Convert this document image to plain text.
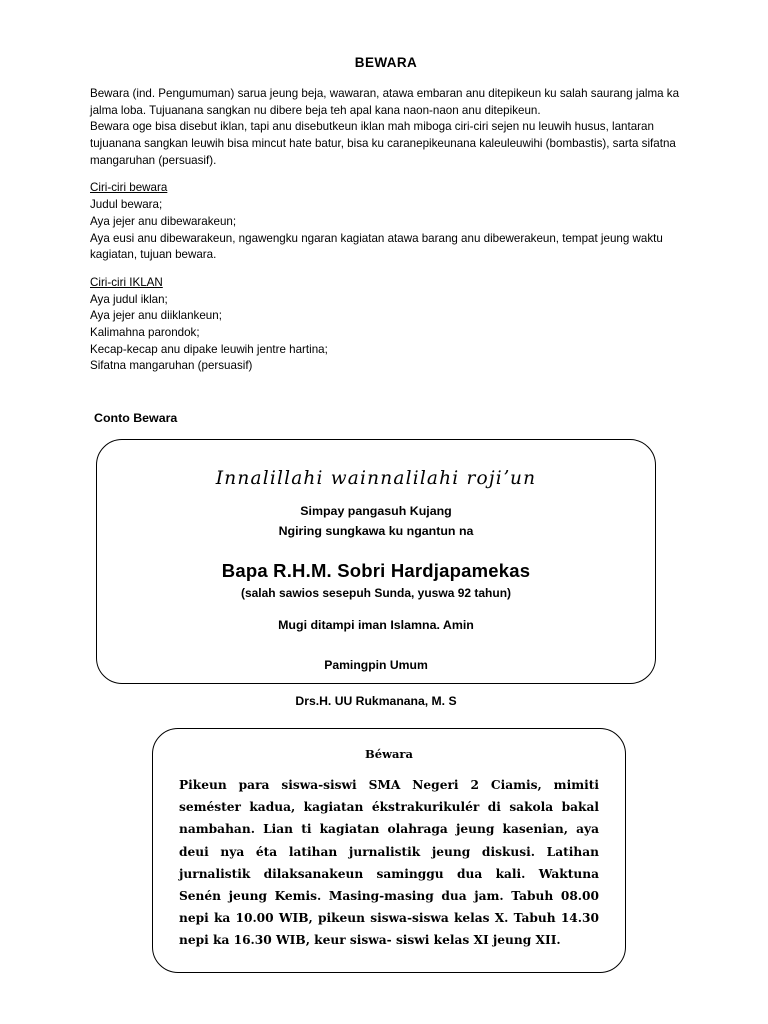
BEWARA

Bewara (ind. Pengumuman) sarua jeung beja, wawaran, atawa embaran anu ditepikeun ku salah saurang jalma ka jalma loba. Tujuanana sangkan nu dibere beja teh apal kana naon-naon anu ditepikeun.

Bewara oge bisa disebut iklan, tapi anu disebutkeun iklan mah miboga ciri-ciri sejen nu leuwih husus, lantaran tujuanana sangkan leuwih bisa mincut hate batur, bisa ku caranepikeunana kaleuleuwihi (bombastis), sarta sifatna mangaruhan (persuasif).

Ciri-ciri bewara

Judul bewara;

Aya jejer anu dibewarakeun;

Aya eusi anu dibewarakeun, ngawengku ngaran kagiatan atawa barang anu dibewerakeun, tempat jeung waktu kagiatan, tujuan bewara.

Ciri-ciri IKLAN

Aya judul iklan;

Aya jejer anu diiklankeun;

Kalimahna parondok;

Kecap-kecap anu dipake leuwih jentre hartina;

Sifatna mangaruhan (persuasif)

Conto Bewara

Innalillahi wainnalilahi rojiʼun
Simpay pangasuh Kujang
Ngiring sungkawa ku ngantun na
Bapa R.H.M. Sobri Hardjapamekas
(salah sawios sesepuh Sunda, yuswa 92 tahun)
Mugi ditampi iman Islamna. Amin
Pamingpin Umum
Drs.H. UU Rukmanana, M. S
Béwara
Pikeun para siswa-siswi SMA Negeri 2 Ciamis, mimiti seméster kadua, kagiatan ékstrakurikulér di sakola bakal nambahan. Lian ti kagiatan olahraga jeung kasenian, aya deui nya éta latihan jurnalistik jeung diskusi. Latihan jurnalistik dilaksanakeun saminggu dua kali. Waktuna Senén jeung Kemis. Masing-masing dua jam. Tabuh 08.00 nepi ka 10.00 WIB, pikeun siswa-siswa kelas X. Tabuh 14.30 nepi ka 16.30 WIB, keur siswa- siswi kelas XI jeung XII.
